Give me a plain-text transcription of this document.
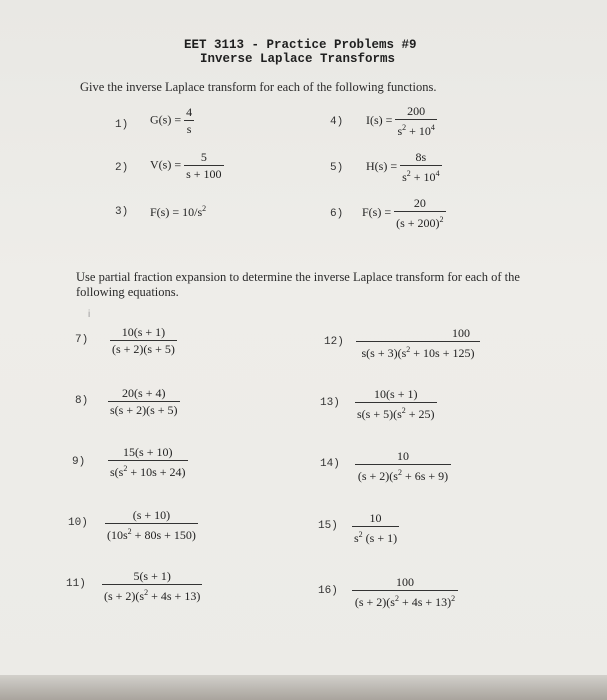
EET 3113 - Practice Problems #9
Inverse Laplace Transforms
Give the inverse Laplace transform for each of the following functions.
1) $G(s) = \frac{4}{s}$
2) $V(s) = \frac{5}{s + 100}$
3) $F(s) = 10/s^2$
4) $I(s) = \frac{200}{s^2 + 10^4}$
5) $H(s) = \frac{8s}{s^2 + 10^4}$
6) $F(s) = \frac{20}{(s + 200)^2}$
Use partial fraction expansion to determine the inverse Laplace transform for each of the following equations.
i
$7) \frac{10(s + 1)}{(s + 2)(s + 5)}$
$8) \frac{20(s + 4)}{s(s + 2)(s + 5)}$
$9) \frac{15(s + 10)}{s(s^2 + 10s + 24)}$
$10) \frac{(s + 10)}{(10s^2 + 80s + 150)}$
$11) \frac{5(s + 1)}{(s + 2)(s^2 + 4s + 13)}$
$12) \frac{100}{s(s + 3)(s^2 + 10s + 125)}$
$13) \frac{10(s + 1)}{s(s + 5)(s^2 + 25)}$
$14) \frac{10}{(s + 2)(s^2 + 6s + 9)}$
$15) \frac{10}{s^2 (s + 1)}$
$16) \frac{100}{(s + 2)(s^2 + 4s + 13)^2}$
